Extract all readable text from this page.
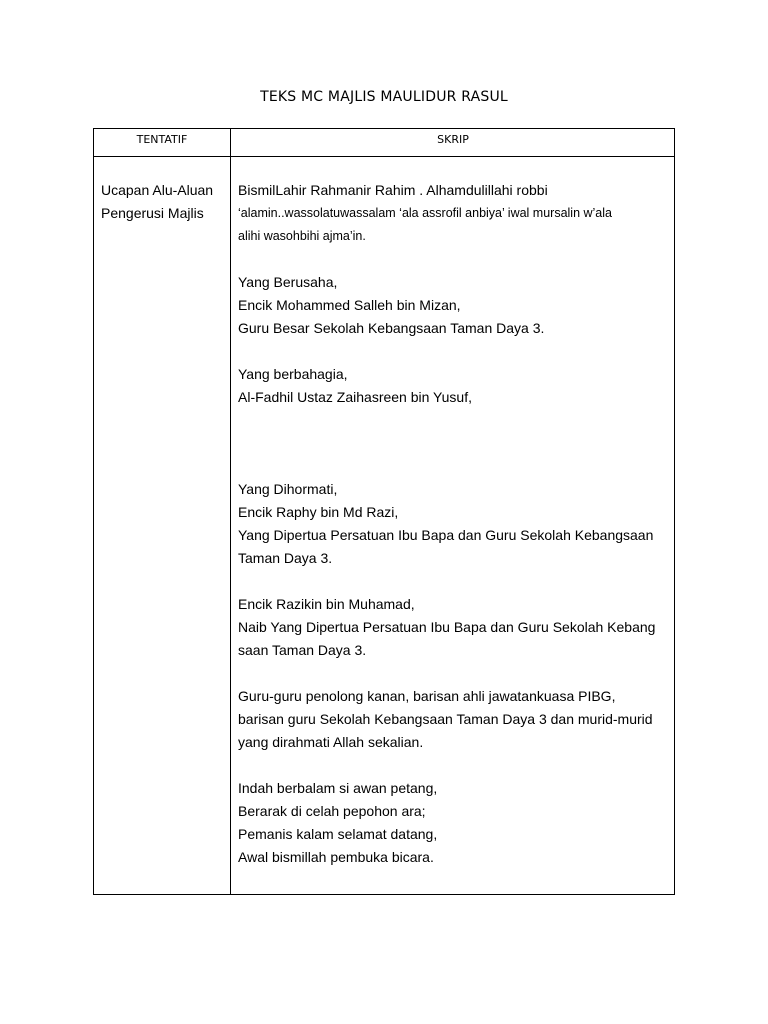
TEKS MC MAJLIS MAULIDUR RASUL
TENTATIF	SKRIP
Ucapan Alu-Aluan
Pengerusi Majlis
BismilLahir Rahmanir Rahim . Alhamdulillahi robbi
‘alamin..wassolatuwassalam ‘ala assrofil anbiya’ iwal mursalin w’ala
alihi wasohbihi ajma’in.
Yang Berusaha,
Encik Mohammed Salleh bin Mizan,
Guru Besar Sekolah Kebangsaan Taman Daya 3.
Yang berbahagia,
Al-Fadhil Ustaz Zaihasreen bin Yusuf,
Yang Dihormati,
Encik Raphy bin Md Razi,
Yang Dipertua Persatuan Ibu Bapa dan Guru Sekolah Kebangsaan
Taman Daya 3.
Encik Razikin bin Muhamad,
Naib Yang Dipertua Persatuan Ibu Bapa dan Guru Sekolah Kebang
saan Taman Daya 3.
Guru-guru penolong kanan, barisan ahli jawatankuasa PIBG,
barisan guru Sekolah Kebangsaan Taman Daya 3 dan murid-murid
yang dirahmati Allah sekalian.
Indah berbalam si awan petang,
Berarak di celah pepohon ara;
Pemanis kalam selamat datang,
Awal bismillah pembuka bicara.
